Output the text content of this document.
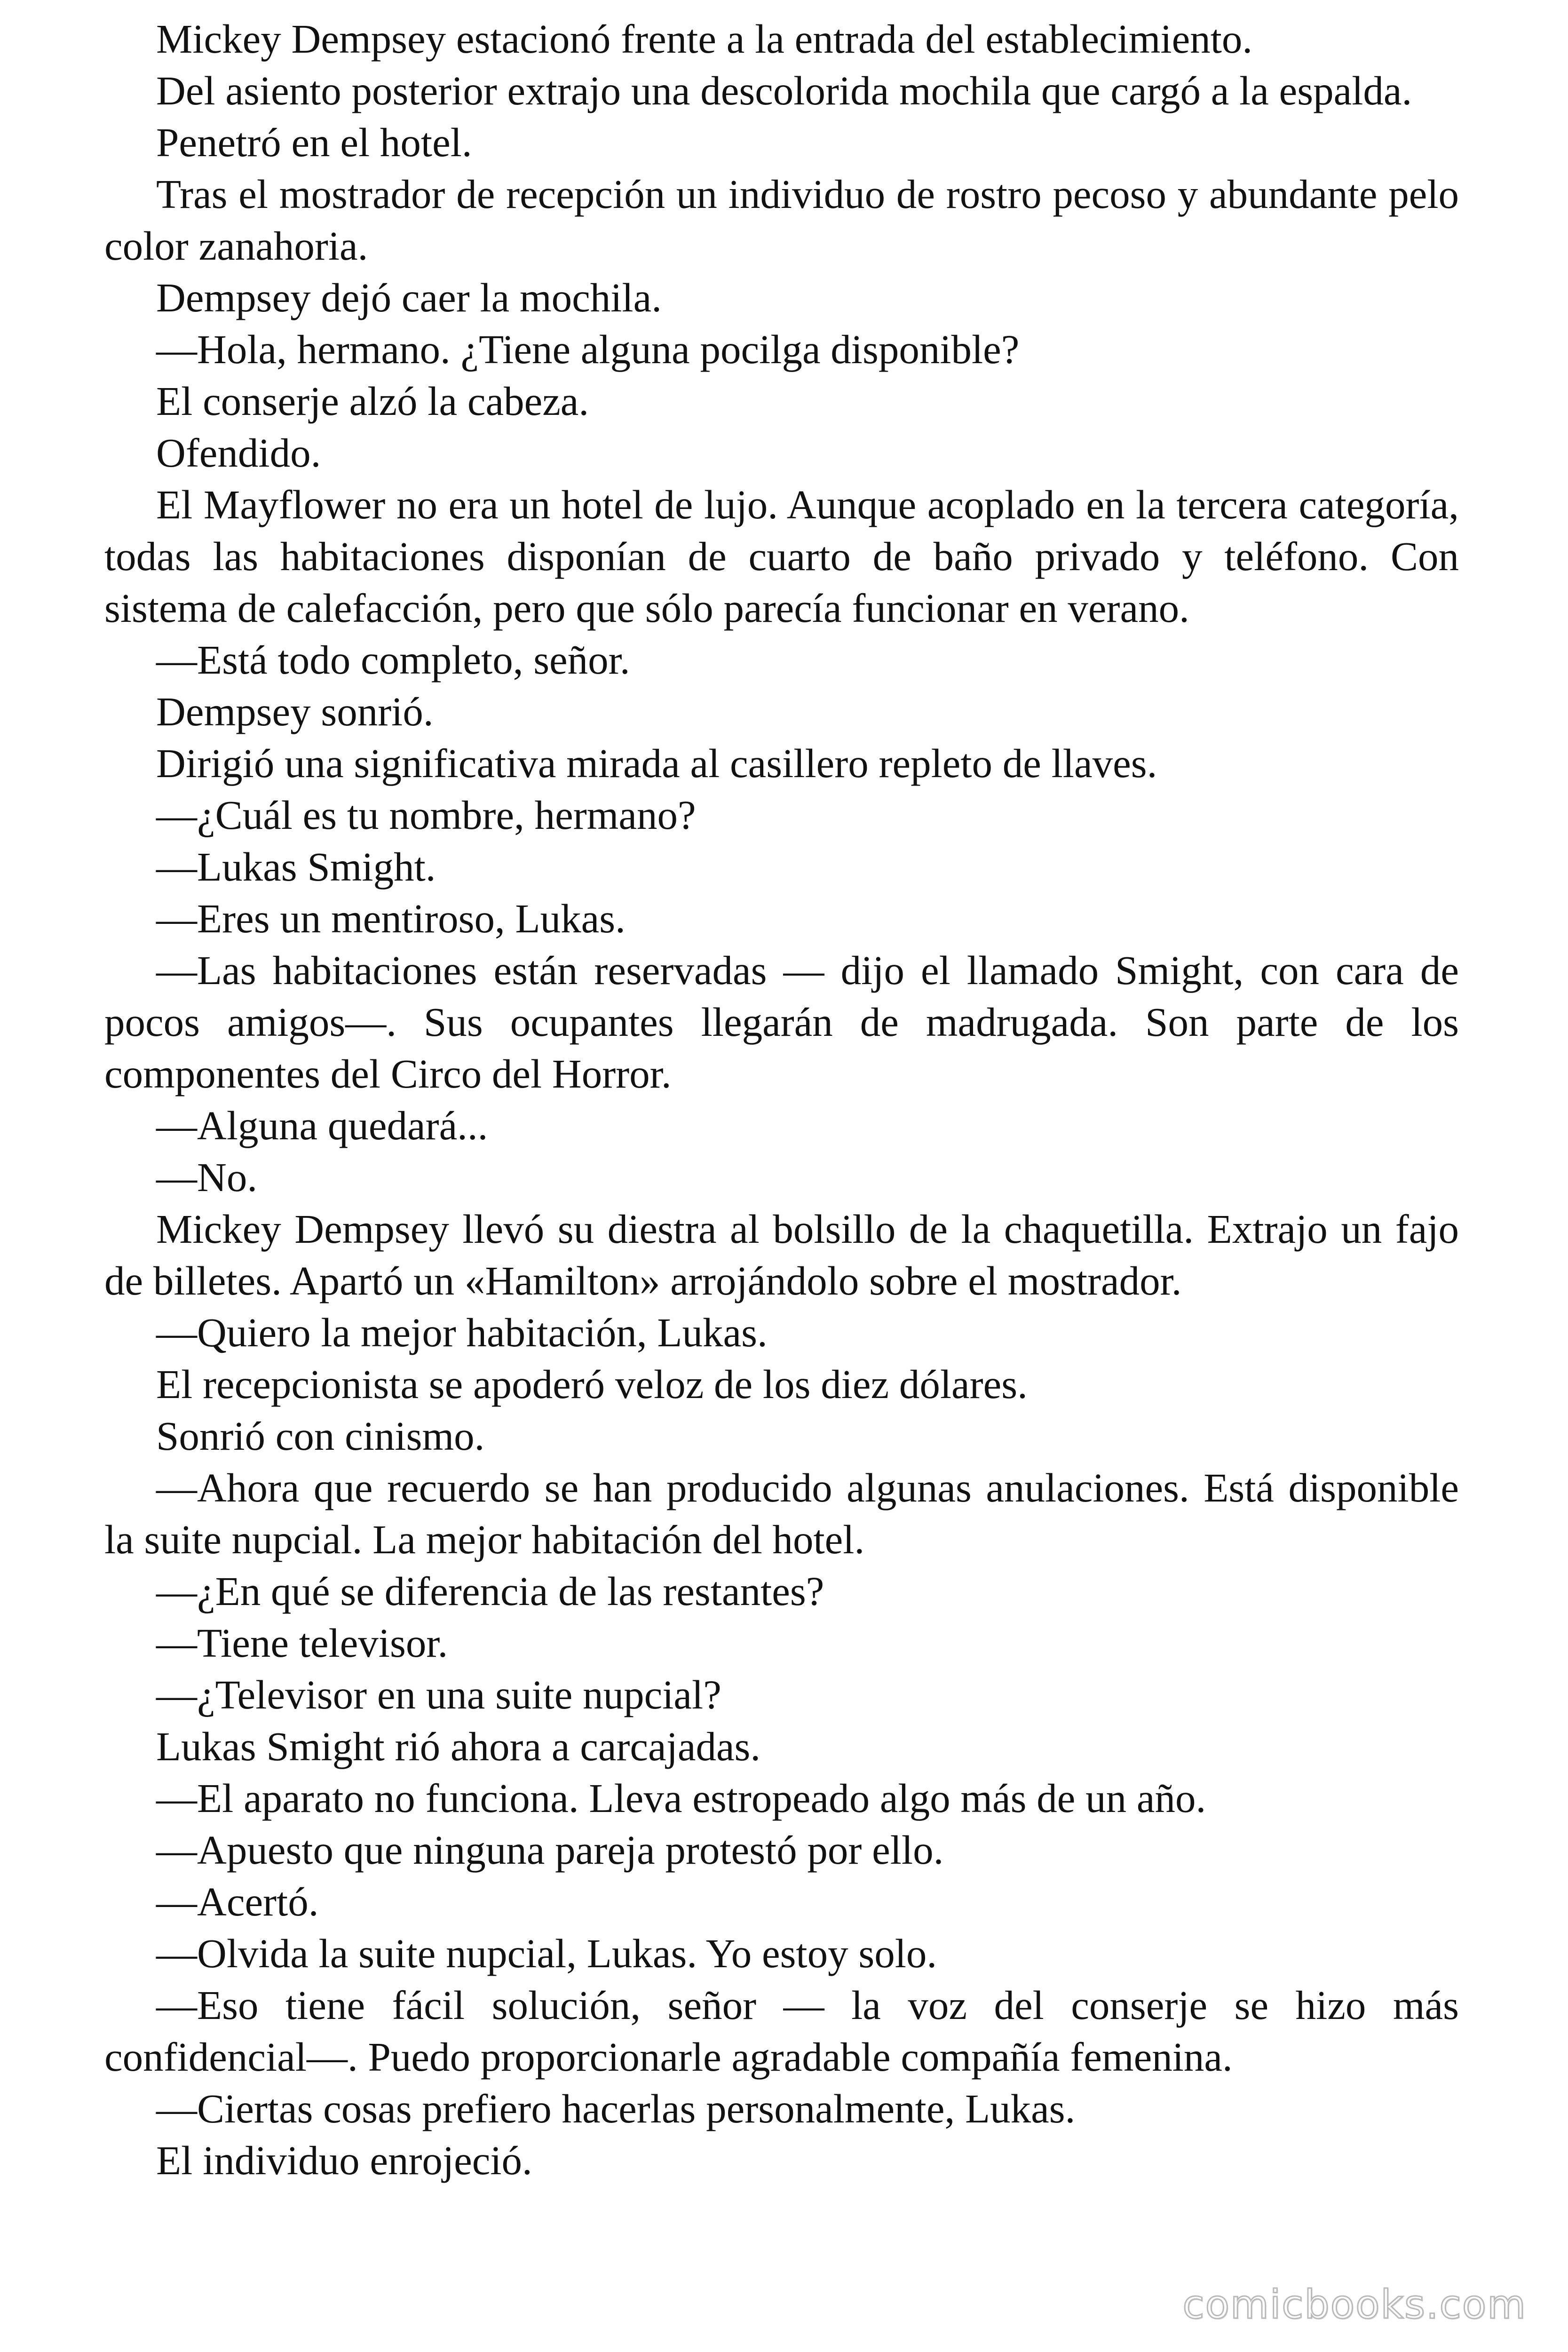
Mickey Dempsey estacionó frente a la entrada del establecimiento.

Del asiento posterior extrajo una descolorida mochila que cargó a la espalda.

Penetró en el hotel.

Tras el mostrador de recepción un individuo de rostro pecoso y abundante pelo color zanahoria.

Dempsey dejó caer la mochila.

—Hola, hermano. ¿Tiene alguna pocilga disponible?

El conserje alzó la cabeza.

Ofendido.

El Mayflower no era un hotel de lujo. Aunque acoplado en la tercera categoría, todas las habitaciones disponían de cuarto de baño privado y teléfono. Con sistema de calefacción, pero que sólo parecía funcionar en verano.

—Está todo completo, señor.

Dempsey sonrió.

Dirigió una significativa mirada al casillero repleto de llaves.

—¿Cuál es tu nombre, hermano?

—Lukas Smight.

—Eres un mentiroso, Lukas.

—Las habitaciones están reservadas — dijo el llamado Smight, con cara de pocos amigos—. Sus ocupantes llegarán de madrugada. Son parte de los componentes del Circo del Horror.

—Alguna quedará...

—No.

Mickey Dempsey llevó su diestra al bolsillo de la chaquetilla. Extrajo un fajo de billetes. Apartó un «Hamilton» arrojándolo sobre el mostrador.

—Quiero la mejor habitación, Lukas.

El recepcionista se apoderó veloz de los diez dólares.

Sonrió con cinismo.

—Ahora que recuerdo se han producido algunas anulaciones. Está disponible la suite nupcial. La mejor habitación del hotel.

—¿En qué se diferencia de las restantes?

—Tiene televisor.

—¿Televisor en una suite nupcial?

Lukas Smight rió ahora a carcajadas.

—El aparato no funciona. Lleva estropeado algo más de un año.

—Apuesto que ninguna pareja protestó por ello.

—Acertó.

—Olvida la suite nupcial, Lukas. Yo estoy solo.

—Eso tiene fácil solución, señor — la voz del conserje se hizo más confidencial—. Puedo proporcionarle agradable compañía femenina.

—Ciertas cosas prefiero hacerlas personalmente, Lukas.

El individuo enrojeció.

comicbooks.com
